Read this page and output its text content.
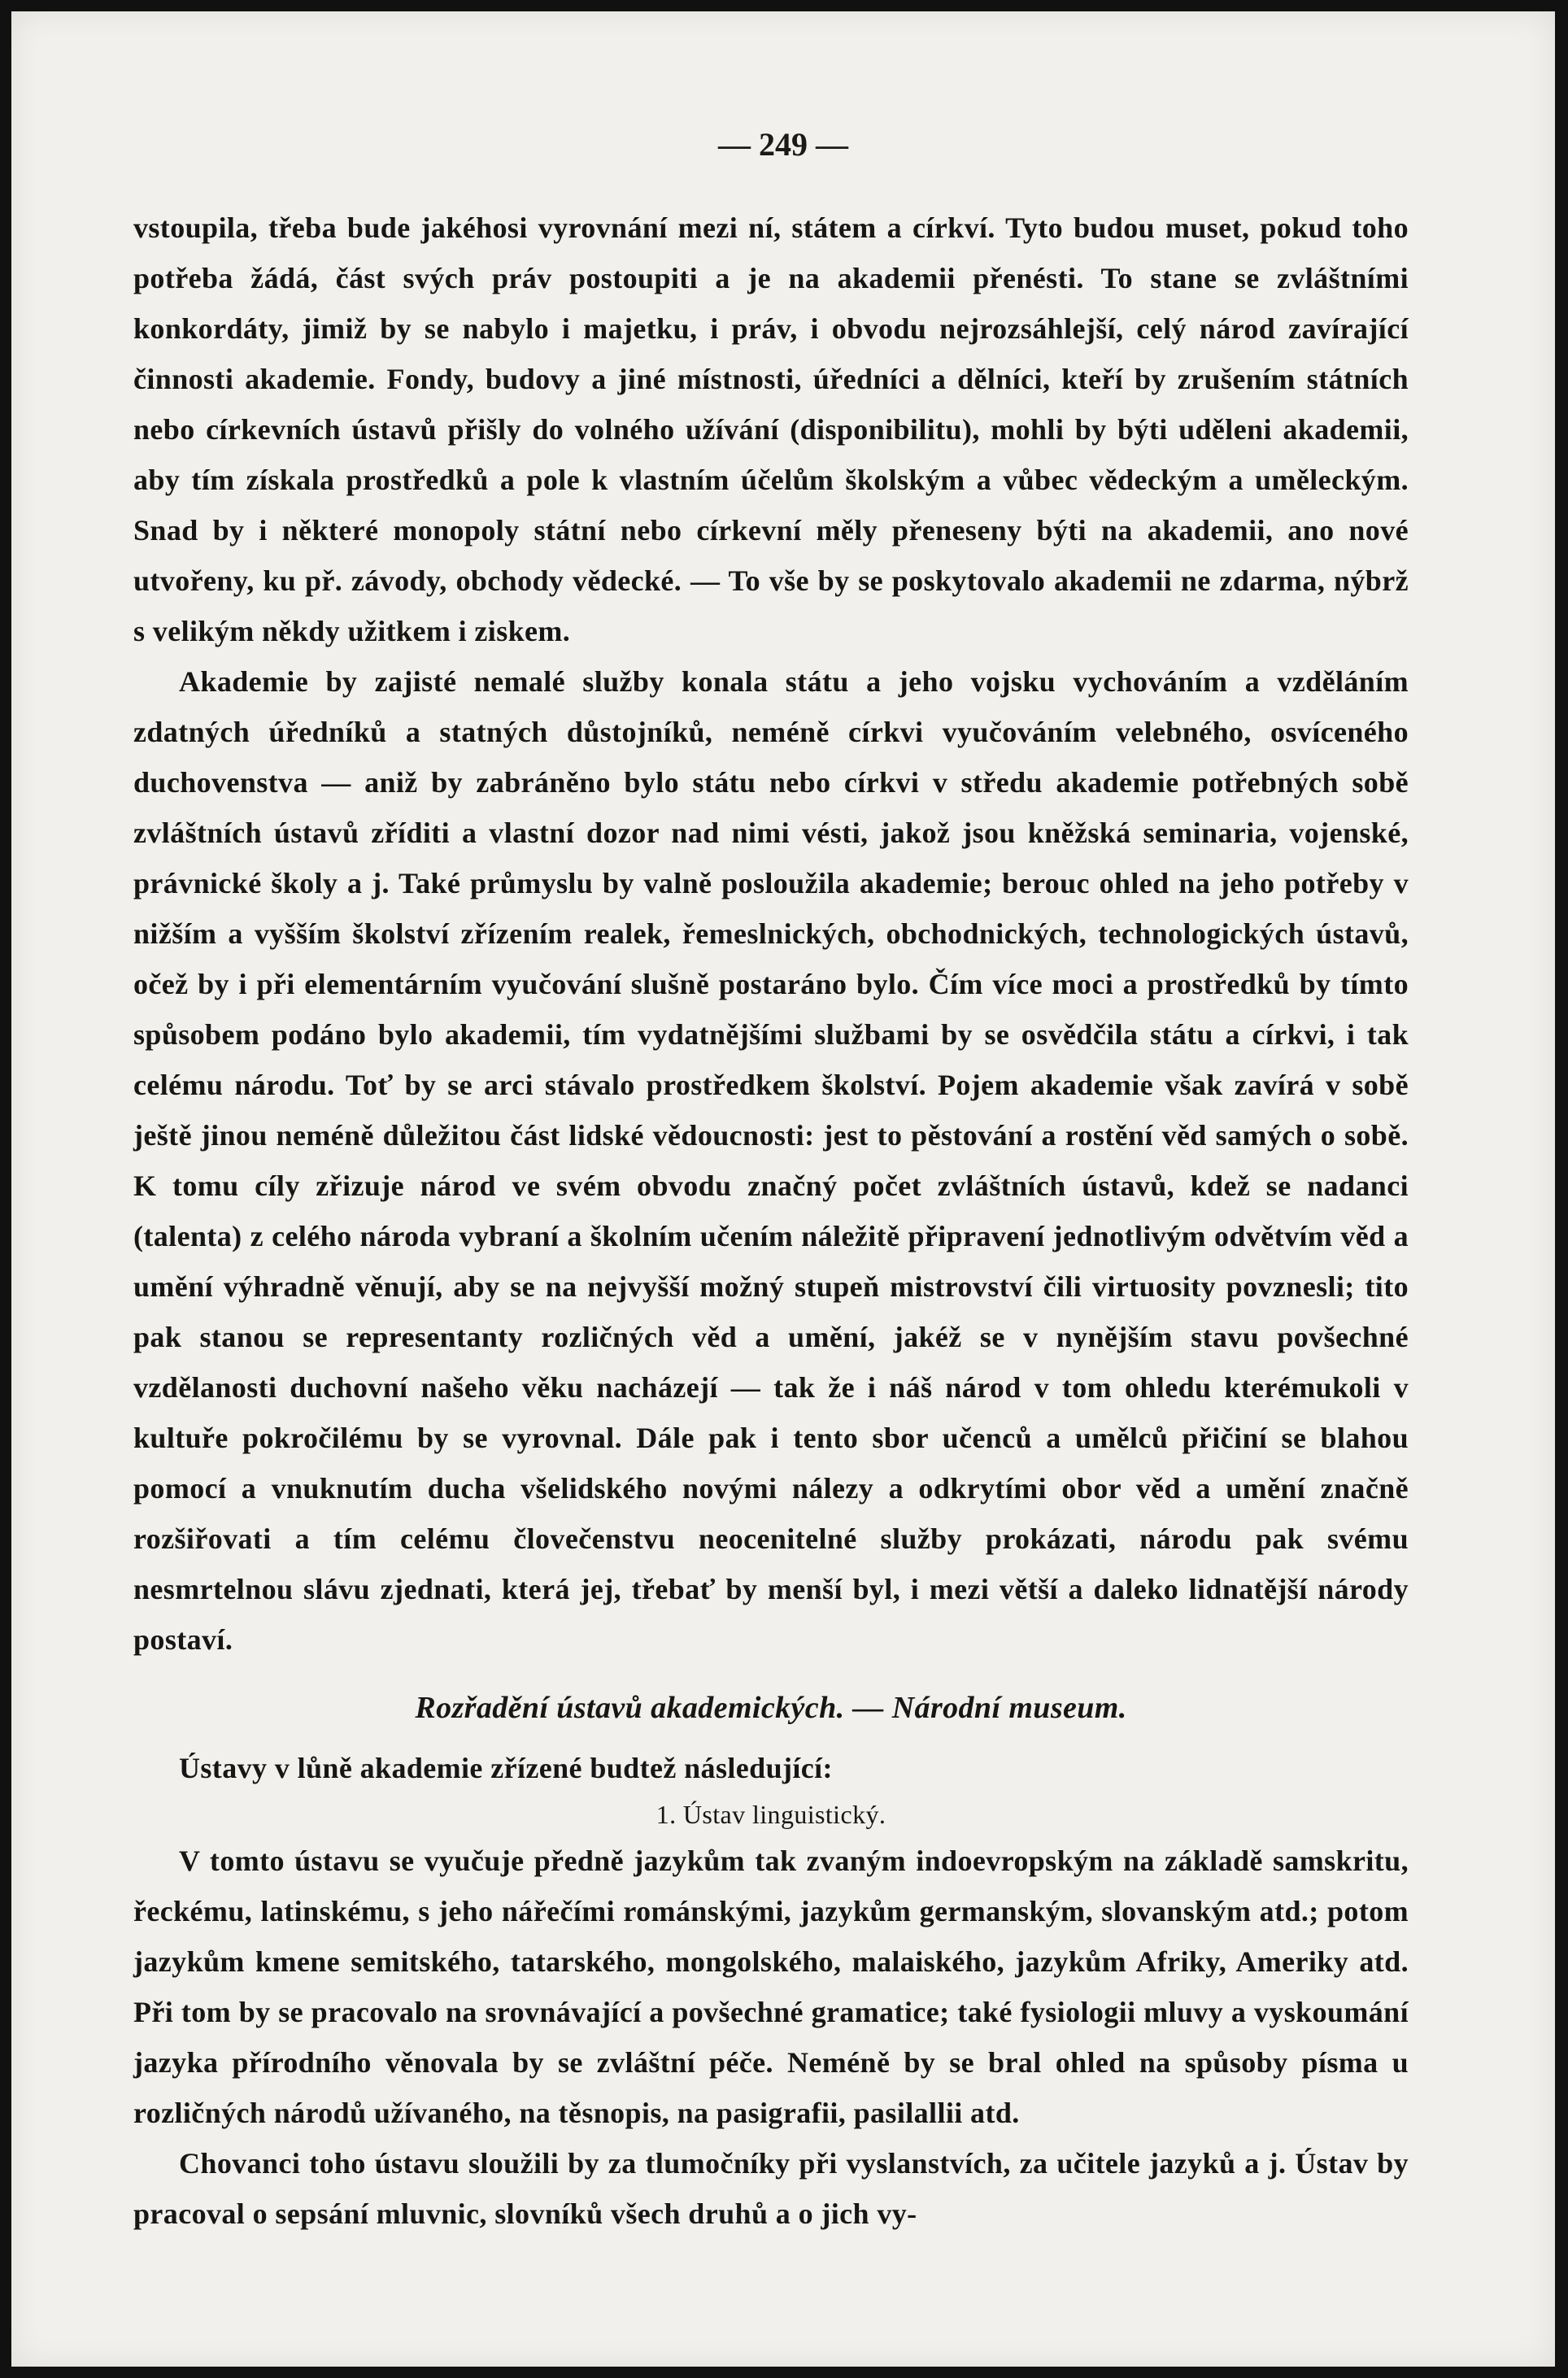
— 249 —

vstoupila, třeba bude jakéhosi vyrovnání mezi ní, státem a církví. Tyto budou muset, pokud toho potřeba žádá, část svých práv postoupiti a je na akademii přenésti. To stane se zvláštními konkordáty, jimiž by se nabylo i majetku, i práv, i obvodu nejrozsáhlejší, celý národ zavírající činnosti akademie. Fondy, budovy a jiné místnosti, úředníci a dělníci, kteří by zrušením státních nebo církevních ústavů přišly do volného užívání (disponibilitu), mohli by býti uděleni akademii, aby tím získala prostředků a pole k vlastním účelům školským a vůbec vědeckým a uměleckým. Snad by i některé monopoly státní nebo církevní měly přeneseny býti na akademii, ano nové utvořeny, ku př. závody, obchody vědecké. — To vše by se poskytovalo akademii ne zdarma, nýbrž s velikým někdy užitkem i ziskem.

Akademie by zajisté nemalé služby konala státu a jeho vojsku vychováním a vzděláním zdatných úředníků a statných důstojníků, neméně církvi vyučováním velebného, osvíceného duchovenstva — aniž by zabráněno bylo státu nebo církvi v středu akademie potřebných sobě zvláštních ústavů zříditi a vlastní dozor nad nimi vésti, jakož jsou kněžská seminaria, vojenské, právnické školy a j. Také průmyslu by valně posloužila akademie; berouc ohled na jeho potřeby v nižším a vyšším školství zřízením realek, řemeslnických, obchodnických, technologických ústavů, očež by i při elementárním vyučování slušně postaráno bylo. Čím více moci a prostředků by tímto spůsobem podáno bylo akademii, tím vydatnějšími službami by se osvědčila státu a církvi, i tak celému národu. Toť by se arci stávalo prostředkem školství. Pojem akademie však zavírá v sobě ještě jinou neméně důležitou část lidské vědoucnosti: jest to pěstování a rostění věd samých o sobě. K tomu cíly zřizuje národ ve svém obvodu značný počet zvláštních ústavů, kdež se nadanci (talenta) z celého národa vybraní a školním učením náležitě připravení jednotlivým odvětvím věd a umění výhradně věnují, aby se na nejvyšší možný stupeň mistrovství čili virtuosity povznesli; tito pak stanou se representanty rozličných věd a umění, jakéž se v nynějším stavu povšechné vzdělanosti duchovní našeho věku nacházejí — tak že i náš národ v tom ohledu kterémukoli v kultuře pokročilému by se vyrovnal. Dále pak i tento sbor učenců a umělců přičiní se blahou pomocí a vnuknutím ducha všelidského novými nálezy a odkrytími obor věd a umění značně rozšiřovati a tím celému človečenstvu neocenitelné služby prokázati, národu pak svému nesmrtelnou slávu zjednati, která jej, třebať by menší byl, i mezi větší a daleko lidnatější národy postaví.

Rozřadění ústavů akademických. — Národní museum.

Ústavy v lůně akademie zřízené budtež následující:

1. Ústav linguistický.

V tomto ústavu se vyučuje předně jazykům tak zvaným indoevropským na základě samskritu, řeckému, latinskému, s jeho nářečími románskými, jazykům germanským, slovanským atd.; potom jazykům kmene semitského, tatarského, mongolského, malaiského, jazykům Afriky, Ameriky atd. Při tom by se pracovalo na srovnávající a povšechné gramatice; také fysiologii mluvy a vyskoumání jazyka přírodního věnovala by se zvláštní péče. Neméně by se bral ohled na spůsoby písma u rozličných národů užívaného, na těsnopis, na pasigrafii, pasilallii atd.

Chovanci toho ústavu sloužili by za tlumočníky při vyslanstvích, za učitele jazyků a j. Ústav by pracoval o sepsání mluvnic, slovníků všech druhů a o jich vy-
